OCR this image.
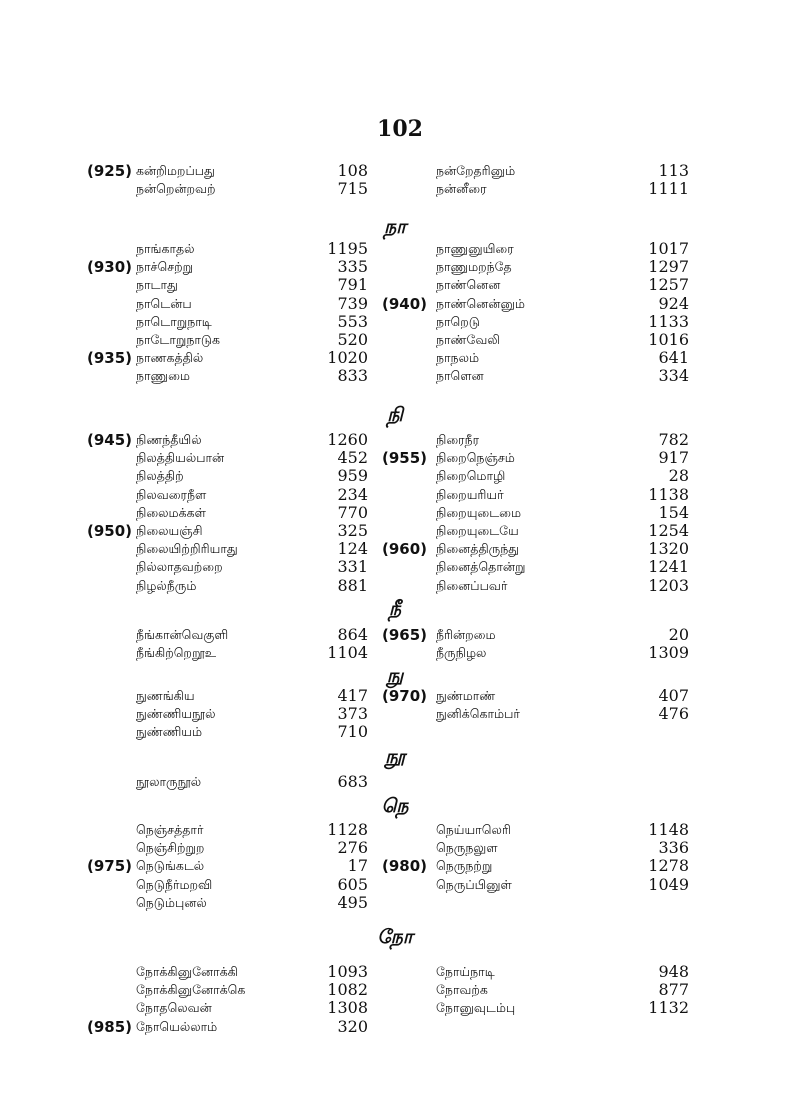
102
(925) கன்றிமறப்பது	108	நன்றேதரினும்	113
நன்றென்றவற்	715	நன்னீரை	1111
நா
நாங்காதல்	1195	நாணுனுயிரை	1017
(930) நாச்செற்று	335	நாணுமறந்தே	1297
நாடாது	791	நாண்னென	1257
நாடென்ப	739 (940) நாண்னென்னும்	924
நாடொறுநாடி	553	நாறெடு	1133
நாடோறுநாடுக	520	நாண்வேலி	1016
(935) நாணகத்தில்	1020	நாநலம்	641
நாணுமை	833	நாளென	334
நி
(945) நிணந்தீயில்	1260	நிரைநீர	782
நிலத்தியல்பான்	452 (955) நிறைநெஞ்சம்	917
நிலத்திற்	959	நிறைமொழி	28
நிலவரைநீள	234	நிறையரியர்	1138
நிலைமக்கள்	770	நிறையுடைமை	154
(950) நிலையஞ்சி	325	நிறையுடையே	1254
நிலையிற்றிரியாது	124 (960) நினைத்திருந்து	1320
நில்லாதவற்றை	331	நினைத்தொன்று	1241
நிழல்நீரும்	881	நினைப்பவர்	1203
நீ
நீங்கான்வெகுளி	864 (965) நீரின்றமை	20
நீங்கிற்றெறூஉ	1104	நீருநிழல	1309
நு
நுணங்கிய	417 (970) நுண்மாண்	407
நுண்ணியநூல்	373	நுனிக்கொம்பர்	476
நுண்ணியம்	710
நூ
நூலாருநூல்	683
நெ
நெஞ்சத்தார்	1128	நெய்யாலெரி	1148
நெஞ்சிற்றுற	276	நெருநலுள	336
(975) நெடுங்கடல்	17 (980) நெருநற்று	1278
நெடுநீர்மறவி	605	நெருப்பினுள்	1049
நெடும்புனல்	495
நோ
நோக்கினுனோக்கி	1093	நோய்நாடி	948
நோக்கினுனோக்கெ	1082	நோவற்க	877
நோதலெவன்	1308	நோனுவுடம்பு	1132
(985) நோயெல்லாம்	320
